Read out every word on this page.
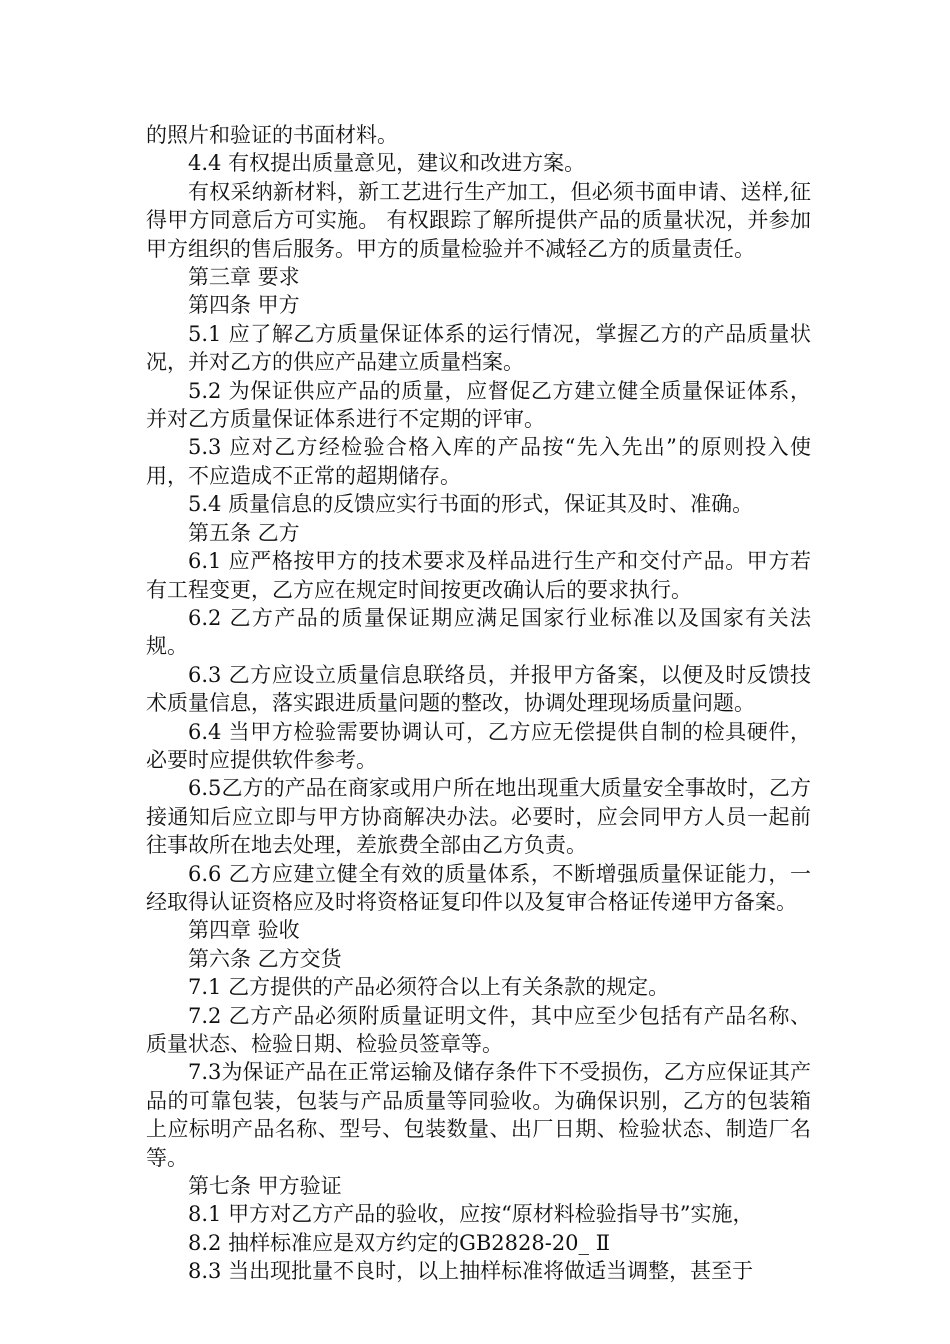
的照片和验证的书面材料。

4.4 有权提出质量意见，建议和改进方案。

有权采纳新材料，新工艺进行生产加工，但必须书面申请、送样,征得甲方同意后方可实施。 有权跟踪了解所提供产品的质量状况，并参加甲方组织的售后服务。甲方的质量检验并不减轻乙方的质量责任。

第三章 要求

第四条 甲方

5.1 应了解乙方质量保证体系的运行情况，掌握乙方的产品质量状况，并对乙方的供应产品建立质量档案。

5.2 为保证供应产品的质量，应督促乙方建立健全质量保证体系，并对乙方质量保证体系进行不定期的评审。

5.3 应对乙方经检验合格入库的产品按“先入先出”的原则投入使用，不应造成不正常的超期储存。

5.4 质量信息的反馈应实行书面的形式，保证其及时、准确。

第五条 乙方

6.1 应严格按甲方的技术要求及样品进行生产和交付产品。甲方若有工程变更，乙方应在规定时间按更改确认后的要求执行。

6.2 乙方产品的质量保证期应满足国家行业标准以及国家有关法规。

6.3 乙方应设立质量信息联络员，并报甲方备案，以便及时反馈技术质量信息，落实跟进质量问题的整改，协调处理现场质量问题。

6.4 当甲方检验需要协调认可，乙方应无偿提供自制的检具硬件，必要时应提供软件参考。

6.5乙方的产品在商家或用户所在地出现重大质量安全事故时，乙方接通知后应立即与甲方协商解决办法。必要时，应会同甲方人员一起前往事故所在地去处理，差旅费全部由乙方负责。

6.6 乙方应建立健全有效的质量体系，不断增强质量保证能力，一经取得认证资格应及时将资格证复印件以及复审合格证传递甲方备案。

第四章 验收

第六条 乙方交货

7.1 乙方提供的产品必须符合以上有关条款的规定。

7.2 乙方产品必须附质量证明文件，其中应至少包括有产品名称、质量状态、检验日期、检验员签章等。

7.3为保证产品在正常运输及储存条件下不受损伤，乙方应保证其产品的可靠包装，包装与产品质量等同验收。为确保识别，乙方的包装箱上应标明产品名称、型号、包装数量、出厂日期、检验状态、制造厂名等。

第七条 甲方验证

8.1 甲方对乙方产品的验收，应按“原材料检验指导书”实施，

8.2 抽样标准应是双方约定的GB2828-20_ Ⅱ

8.3 当出现批量不良时，以上抽样标准将做适当调整，甚至于
